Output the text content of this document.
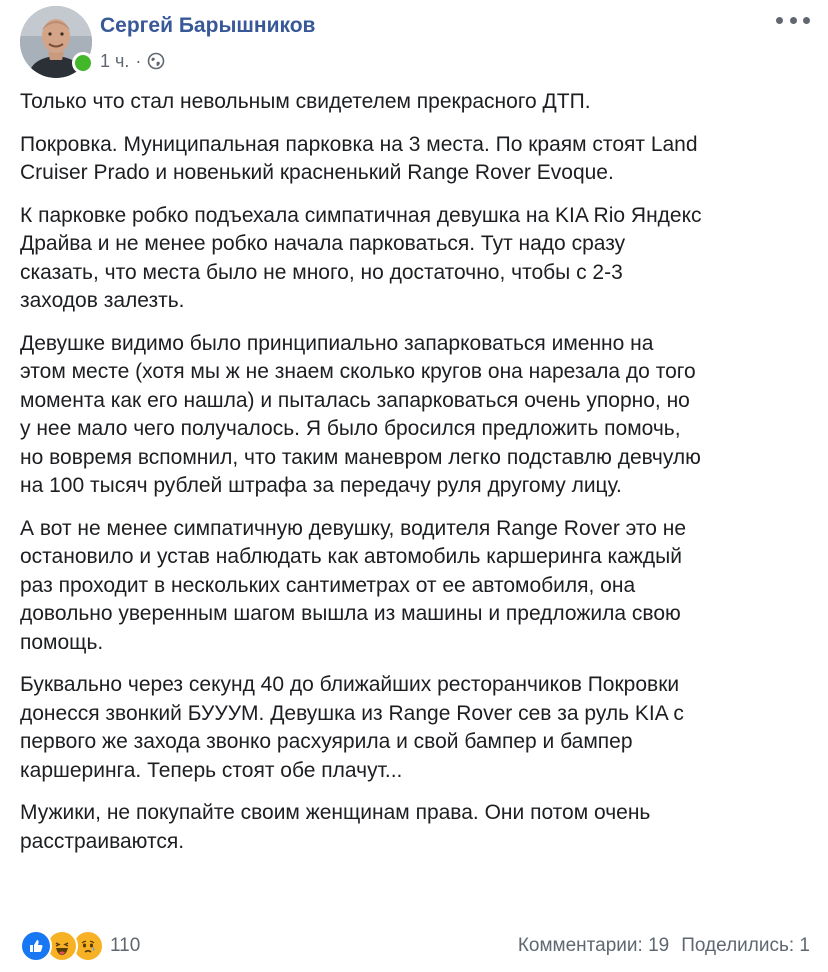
Сергей Барышников
1 ч. ·

Только что стал невольным свидетелем прекрасного ДТП.

Покровка. Муниципальная парковка на 3 места. По краям стоят Land
Cruiser Prado и новенький красненький Range Rover Evoque.

К парковке робко подъехала симпатичная девушка на KIA Rio Яндекс
Драйва и не менее робко начала парковаться. Тут надо сразу
сказать, что места было не много, но достаточно, чтобы с 2-3
заходов залезть.

Девушке видимо было принципиально запарковаться именно на
этом месте (хотя мы ж не знаем сколько кругов она нарезала до того
момента как его нашла) и пыталась запарковаться очень упорно, но
у нее мало чего получалось. Я было бросился предложить помочь,
но вовремя вспомнил, что таким маневром легко подставлю девчулю
на 100 тысяч рублей штрафа за передачу руля другому лицу.

А вот не менее симпатичную девушку, водителя Range Rover это не
остановило и устав наблюдать как автомобиль каршеринга каждый
раз проходит в нескольких сантиметрах от ее автомобиля, она
довольно уверенным шагом вышла из машины и предложила свою
помощь.

Буквально через секунд 40 до ближайших ресторанчиков Покровки
донесся звонкий БУУУМ. Девушка из Range Rover сев за руль KIA с
первого же захода звонко расхуярила и свой бампер и бампер
каршеринга. Теперь стоят обе плачут...

Мужики, не покупайте своим женщинам права. Они потом очень
расстраиваются.

110	Комментарии: 19 Поделились: 1
